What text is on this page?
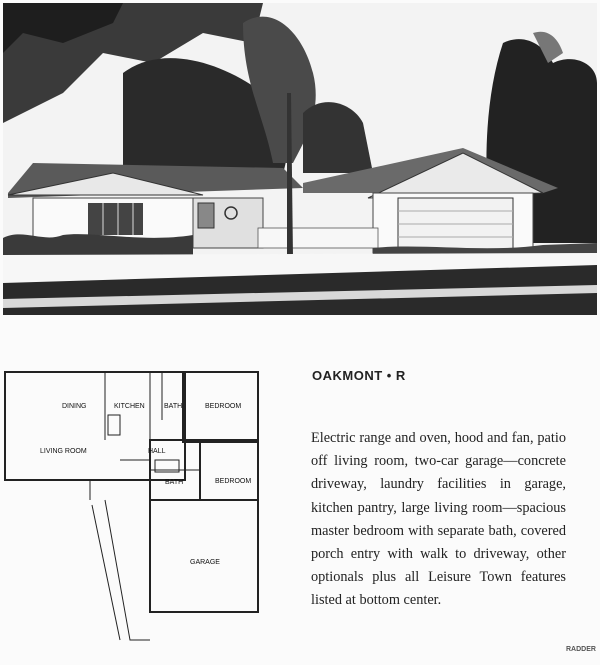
DINING	KITCHEN	BATH	BEDROOM
LIVING ROOM	HALL
BATH	BEDROOM
GARAGE
OAKMONT • R
Electric range and oven, hood and fan, patio off living room, two-car garage—concrete driveway, laundry facilities in garage, kitchen pantry, large living room—spacious master bedroom with separate bath, covered porch entry with walk to driveway, other optionals plus all Leisure Town features listed at bottom center.
RADDER
